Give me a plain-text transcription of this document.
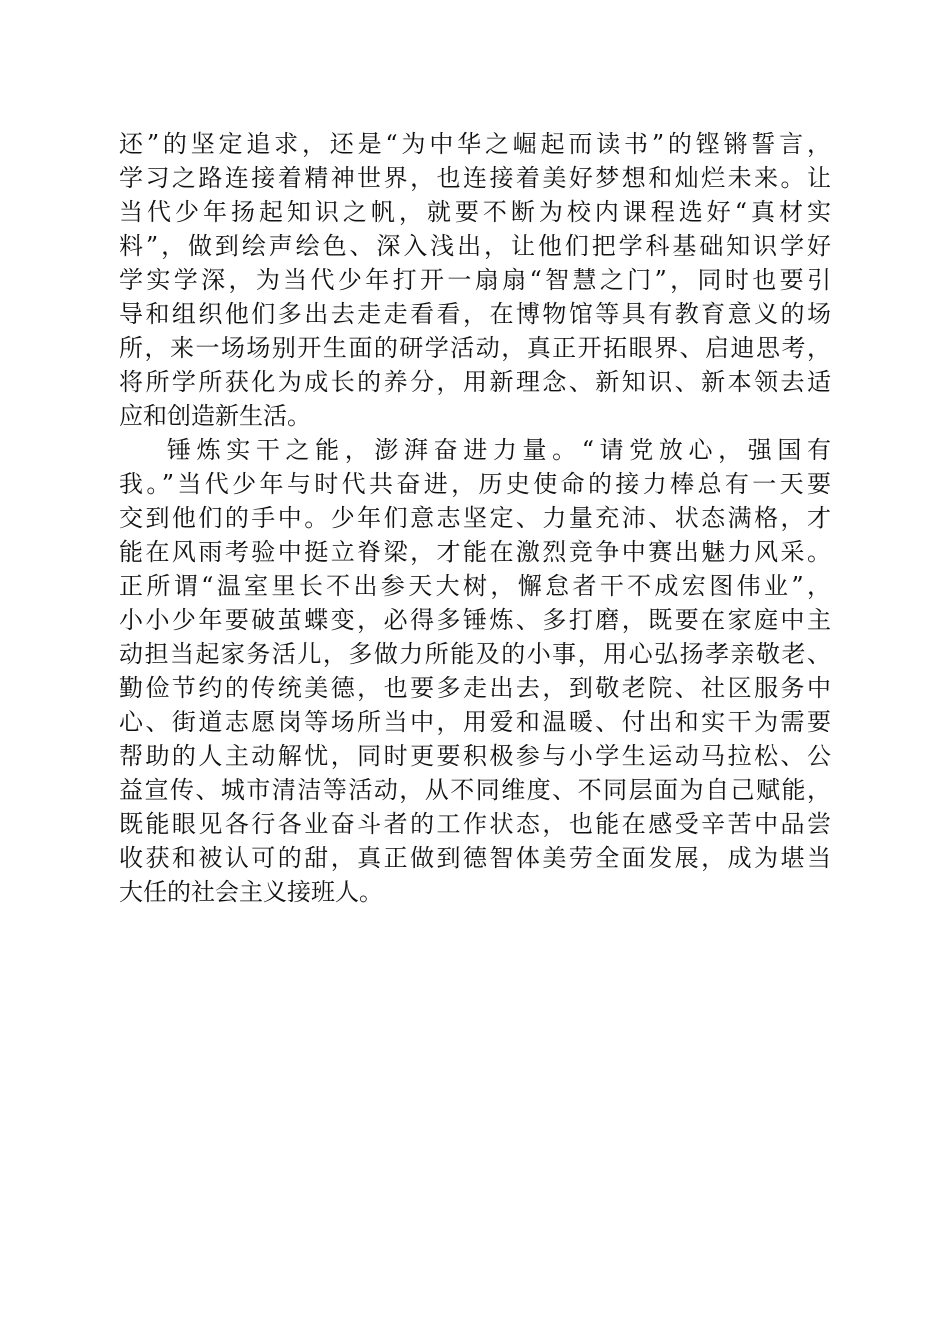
还”的坚定追求，还是“为中华之崛起而读书”的铿锵誓言，
学习之路连接着精神世界，也连接着美好梦想和灿烂未来。让
当代少年扬起知识之帆，就要不断为校内课程选好“真材实
料”，做到绘声绘色、深入浅出，让他们把学科基础知识学好
学实学深，为当代少年打开一扇扇“智慧之门”，同时也要引
导和组织他们多出去走走看看，在博物馆等具有教育意义的场
所，来一场场别开生面的研学活动，真正开拓眼界、启迪思考，
将所学所获化为成长的养分，用新理念、新知识、新本领去适
应和创造新生活。
锤炼实干之能，澎湃奋进力量。“请党放心，强国有
我。”当代少年与时代共奋进，历史使命的接力棒总有一天要
交到他们的手中。少年们意志坚定、力量充沛、状态满格，才
能在风雨考验中挺立脊梁，才能在激烈竞争中赛出魅力风采。
正所谓“温室里长不出参天大树，懈怠者干不成宏图伟业”，
小小少年要破茧蝶变，必得多锤炼、多打磨，既要在家庭中主
动担当起家务活儿，多做力所能及的小事，用心弘扬孝亲敬老、
勤俭节约的传统美德，也要多走出去，到敬老院、社区服务中
心、街道志愿岗等场所当中，用爱和温暖、付出和实干为需要
帮助的人主动解忧，同时更要积极参与小学生运动马拉松、公
益宣传、城市清洁等活动，从不同维度、不同层面为自己赋能，
既能眼见各行各业奋斗者的工作状态，也能在感受辛苦中品尝
收获和被认可的甜，真正做到德智体美劳全面发展，成为堪当
大任的社会主义接班人。
